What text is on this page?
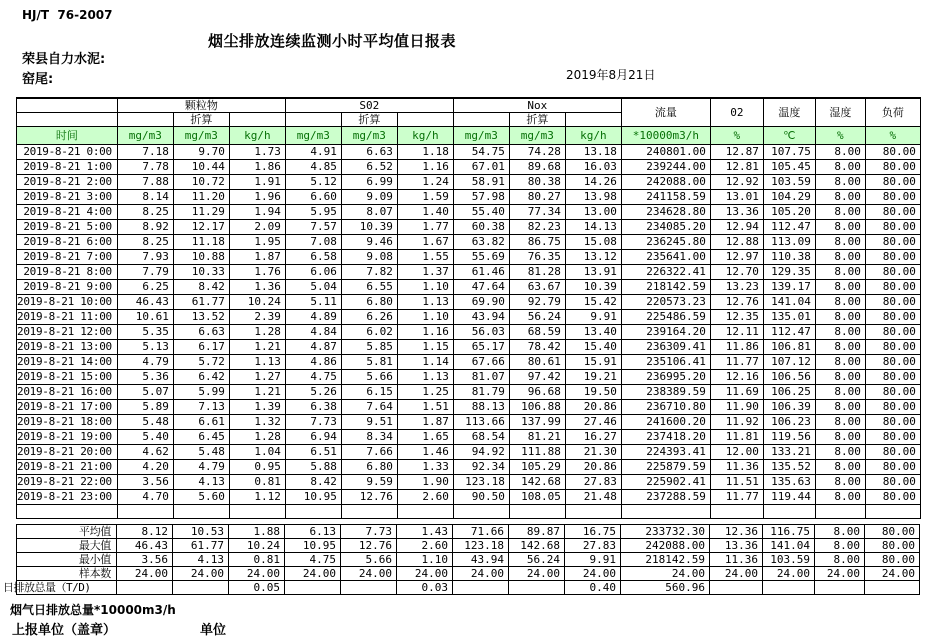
HJ/T  76-2007
烟尘排放连续监测小时平均值日报表
荣县自力水泥:
窑尾:	2019年8月21日
	颗粒物			S02			Nox			流量	02	温度	湿度	负荷
		折算			折算			折算						
时间	mg/m3	mg/m3	kg/h	mg/m3	mg/m3	kg/h	mg/m3	mg/m3	kg/h	*10000m3/h	%	℃	%	%
2019-8-21 0:00	7.18	9.70	1.73	4.91	6.63	1.18	54.75	74.28	13.18	240801.00	12.87	107.75	8.00	80.00
2019-8-21 1:00	7.78	10.44	1.86	4.85	6.52	1.16	67.01	89.68	16.03	239244.00	12.81	105.45	8.00	80.00
2019-8-21 2:00	7.88	10.72	1.91	5.12	6.99	1.24	58.91	80.38	14.26	242088.00	12.92	103.59	8.00	80.00
2019-8-21 3:00	8.14	11.20	1.96	6.60	9.09	1.59	57.98	80.27	13.98	241158.59	13.01	104.29	8.00	80.00
2019-8-21 4:00	8.25	11.29	1.94	5.95	8.07	1.40	55.40	77.34	13.00	234628.80	13.36	105.20	8.00	80.00
2019-8-21 5:00	8.92	12.17	2.09	7.57	10.39	1.77	60.38	82.23	14.13	234085.20	12.94	112.47	8.00	80.00
2019-8-21 6:00	8.25	11.18	1.95	7.08	9.46	1.67	63.82	86.75	15.08	236245.80	12.88	113.09	8.00	80.00
2019-8-21 7:00	7.93	10.88	1.87	6.58	9.08	1.55	55.69	76.35	13.12	235641.00	12.97	110.38	8.00	80.00
2019-8-21 8:00	7.79	10.33	1.76	6.06	7.82	1.37	61.46	81.28	13.91	226322.41	12.70	129.35	8.00	80.00
2019-8-21 9:00	6.25	8.42	1.36	5.04	6.55	1.10	47.64	63.67	10.39	218142.59	13.23	139.17	8.00	80.00
2019-8-21 10:00	46.43	61.77	10.24	5.11	6.80	1.13	69.90	92.79	15.42	220573.23	12.76	141.04	8.00	80.00
2019-8-21 11:00	10.61	13.52	2.39	4.89	6.26	1.10	43.94	56.24	9.91	225486.59	12.35	135.01	8.00	80.00
2019-8-21 12:00	5.35	6.63	1.28	4.84	6.02	1.16	56.03	68.59	13.40	239164.20	12.11	112.47	8.00	80.00
2019-8-21 13:00	5.13	6.17	1.21	4.87	5.85	1.15	65.17	78.42	15.40	236309.41	11.86	106.81	8.00	80.00
2019-8-21 14:00	4.79	5.72	1.13	4.86	5.81	1.14	67.66	80.61	15.91	235106.41	11.77	107.12	8.00	80.00
2019-8-21 15:00	5.36	6.42	1.27	4.75	5.66	1.13	81.07	97.42	19.21	236995.20	12.16	106.56	8.00	80.00
2019-8-21 16:00	5.07	5.99	1.21	5.26	6.15	1.25	81.79	96.68	19.50	238389.59	11.69	106.25	8.00	80.00
2019-8-21 17:00	5.89	7.13	1.39	6.38	7.64	1.51	88.13	106.88	20.86	236710.80	11.90	106.39	8.00	80.00
2019-8-21 18:00	5.48	6.61	1.32	7.73	9.51	1.87	113.66	137.99	27.46	241600.20	11.92	106.23	8.00	80.00
2019-8-21 19:00	5.40	6.45	1.28	6.94	8.34	1.65	68.54	81.21	16.27	237418.20	11.81	119.56	8.00	80.00
2019-8-21 20:00	4.62	5.48	1.04	6.51	7.66	1.46	94.92	111.88	21.30	224393.41	12.00	133.21	8.00	80.00
2019-8-21 21:00	4.20	4.79	0.95	5.88	6.80	1.33	92.34	105.29	20.86	225879.59	11.36	135.52	8.00	80.00
2019-8-21 22:00	3.56	4.13	0.81	8.42	9.59	1.90	123.18	142.68	27.83	225902.41	11.51	135.63	8.00	80.00
2019-8-21 23:00	4.70	5.60	1.12	10.95	12.76	2.60	90.50	108.05	21.48	237288.59	11.77	119.44	8.00	80.00

平均值	8.12	10.53	1.88	6.13	7.73	1.43	71.66	89.87	16.75	233732.30	12.36	116.75	8.00	80.00
最大值	46.43	61.77	10.24	10.95	12.76	2.60	123.18	142.68	27.83	242088.00	13.36	141.04	8.00	80.00
最小值	3.56	4.13	0.81	4.75	5.66	1.10	43.94	56.24	9.91	218142.59	11.36	103.59	8.00	80.00
样本数	24.00	24.00	24.00	24.00	24.00	24.00	24.00	24.00	24.00	24.00	24.00	24.00	24.00	24.00
日排放总量（T/D)			0.05			0.03			0.40	560.96				
烟气日排放总量*10000m3/h
上报单位（盖章）	单位
